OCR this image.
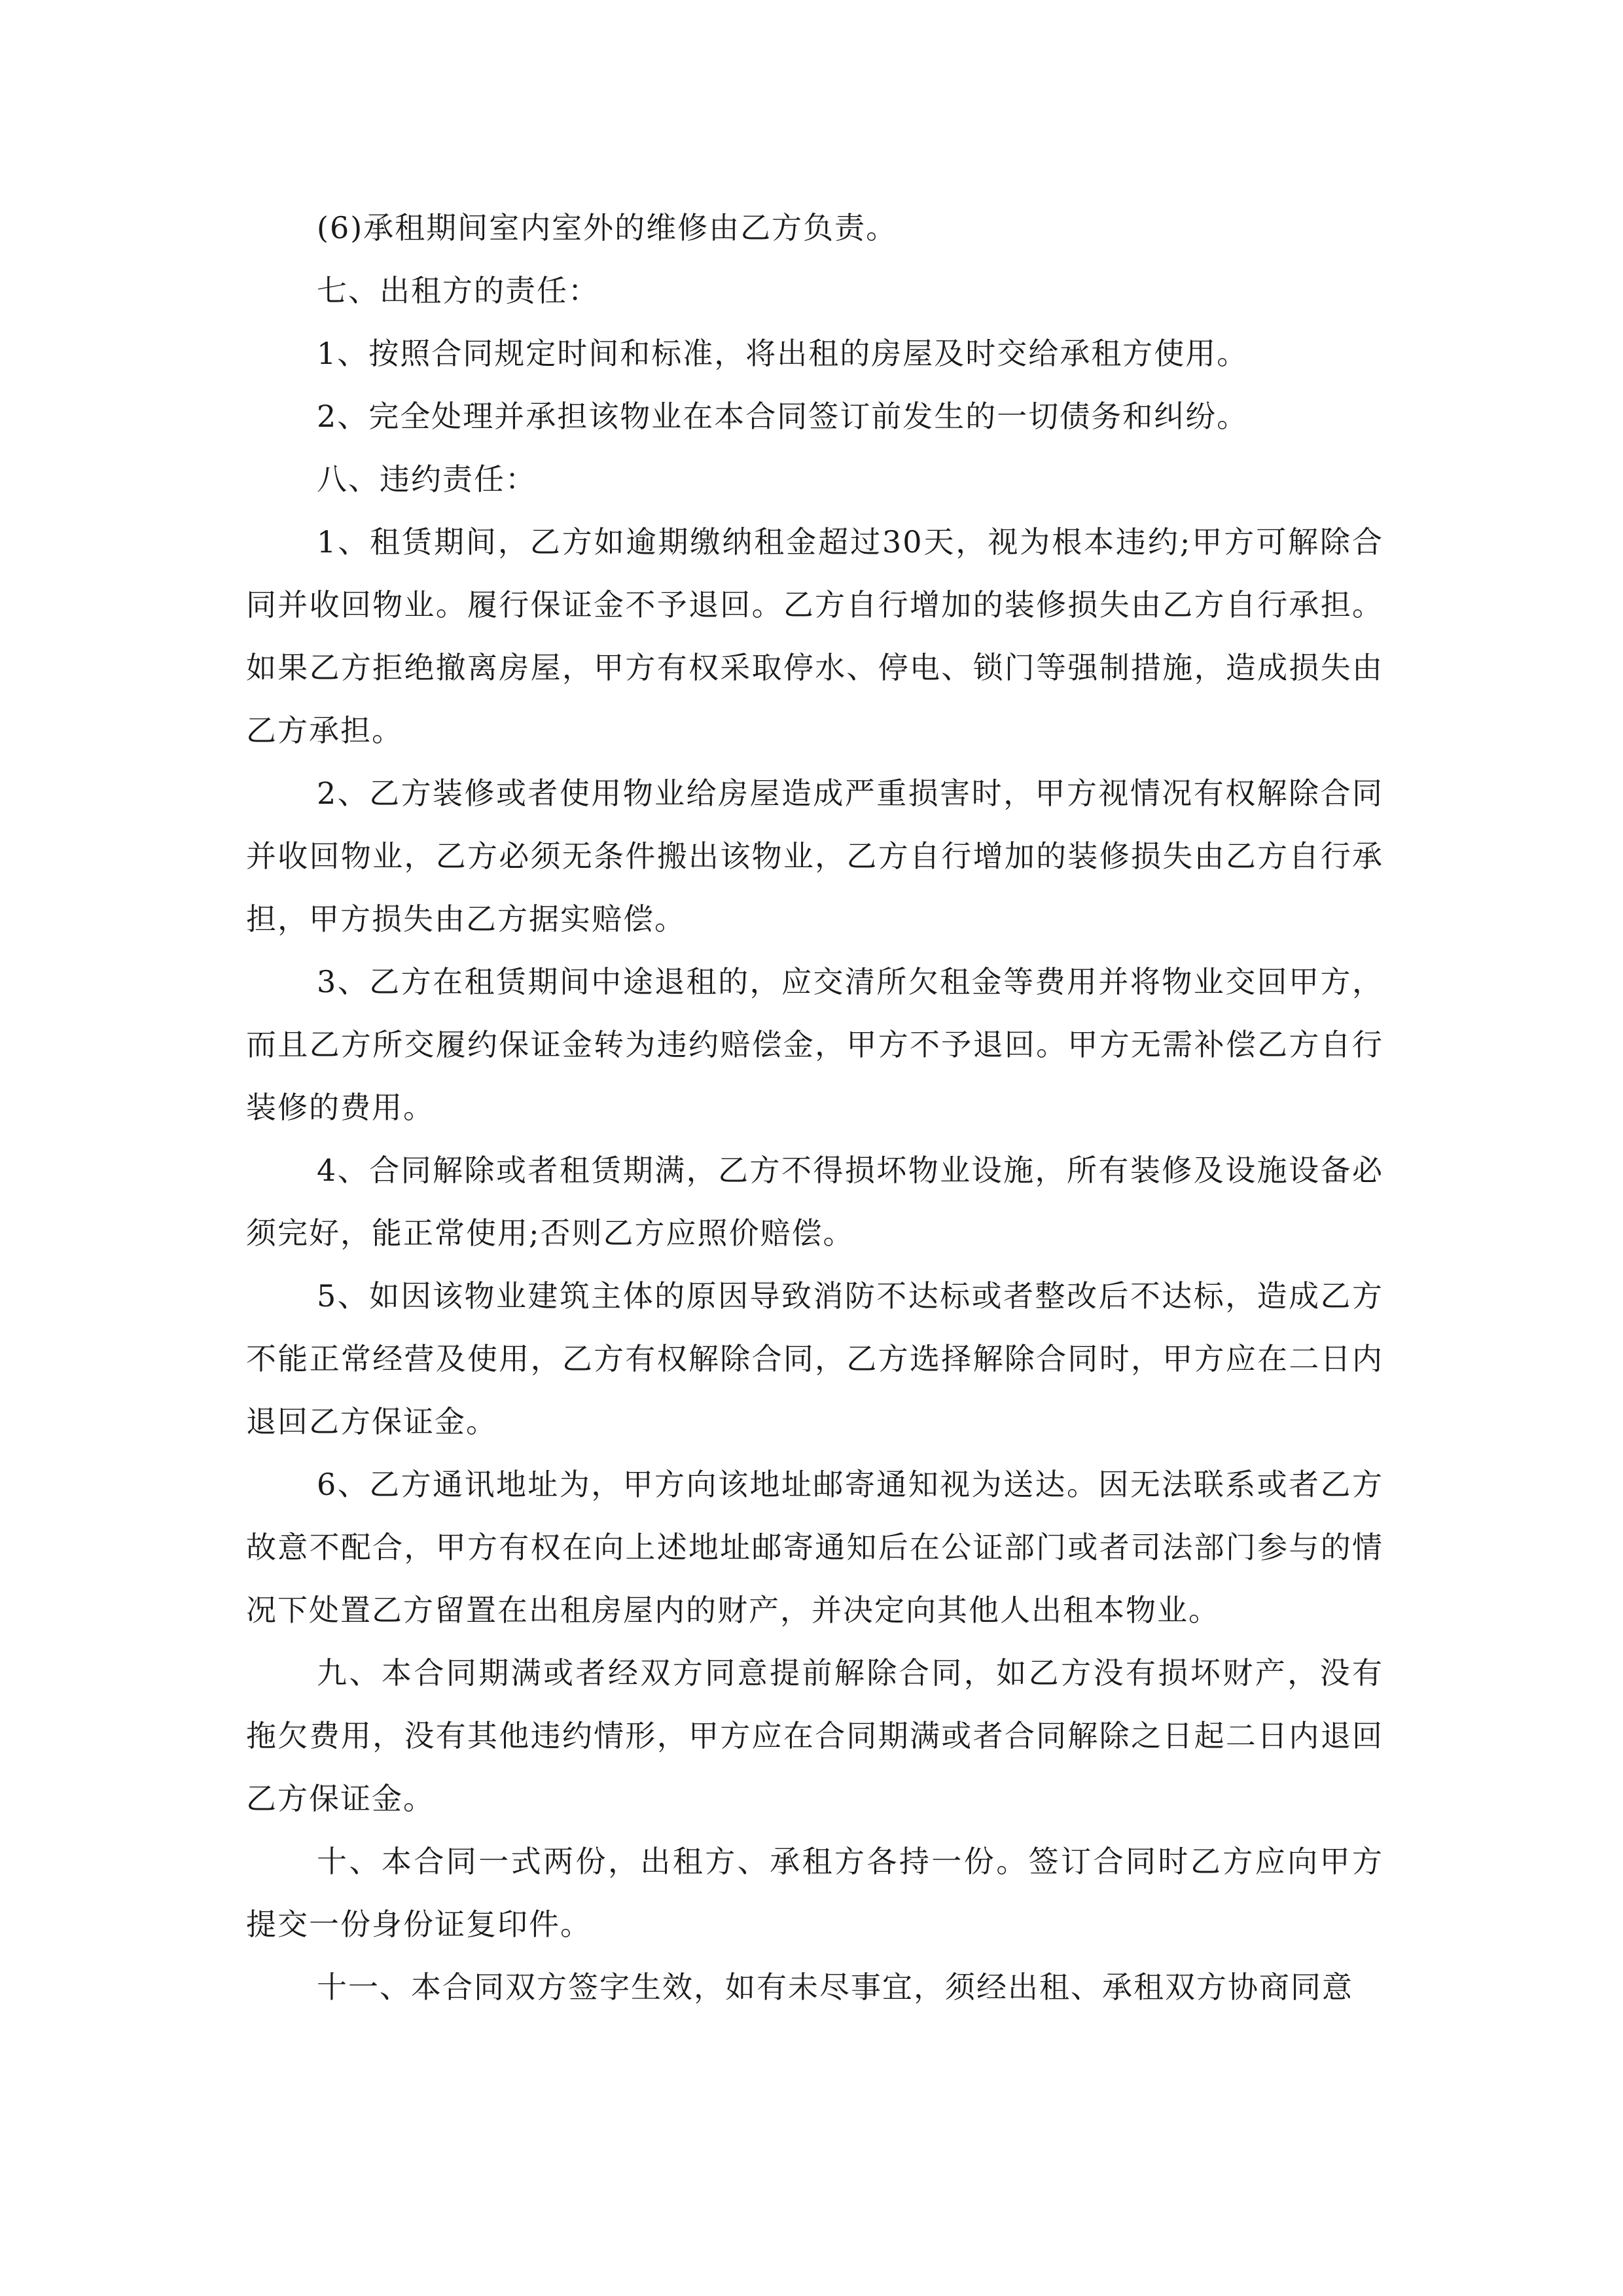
(6)承租期间室内室外的维修由乙方负责。

七、出租方的责任：

1、按照合同规定时间和标准，将出租的房屋及时交给承租方使用。

2、完全处理并承担该物业在本合同签订前发生的一切债务和纠纷。

八、违约责任：

1、租赁期间，乙方如逾期缴纳租金超过30天，视为根本违约;甲方可解除合同并收回物业。履行保证金不予退回。乙方自行增加的装修损失由乙方自行承担。如果乙方拒绝撤离房屋，甲方有权采取停水、停电、锁门等强制措施，造成损失由乙方承担。

2、乙方装修或者使用物业给房屋造成严重损害时，甲方视情况有权解除合同并收回物业，乙方必须无条件搬出该物业，乙方自行增加的装修损失由乙方自行承担，甲方损失由乙方据实赔偿。

3、乙方在租赁期间中途退租的，应交清所欠租金等费用并将物业交回甲方，而且乙方所交履约保证金转为违约赔偿金，甲方不予退回。甲方无需补偿乙方自行装修的费用。

4、合同解除或者租赁期满，乙方不得损坏物业设施，所有装修及设施设备必须完好，能正常使用;否则乙方应照价赔偿。

5、如因该物业建筑主体的原因导致消防不达标或者整改后不达标，造成乙方不能正常经营及使用，乙方有权解除合同，乙方选择解除合同时，甲方应在二日内退回乙方保证金。

6、乙方通讯地址为，甲方向该地址邮寄通知视为送达。因无法联系或者乙方故意不配合，甲方有权在向上述地址邮寄通知后在公证部门或者司法部门参与的情况下处置乙方留置在出租房屋内的财产，并决定向其他人出租本物业。

九、本合同期满或者经双方同意提前解除合同，如乙方没有损坏财产，没有拖欠费用，没有其他违约情形，甲方应在合同期满或者合同解除之日起二日内退回乙方保证金。

十、本合同一式两份，出租方、承租方各持一份。签订合同时乙方应向甲方提交一份身份证复印件。

十一、本合同双方签字生效，如有未尽事宜，须经出租、承租双方协商同意
